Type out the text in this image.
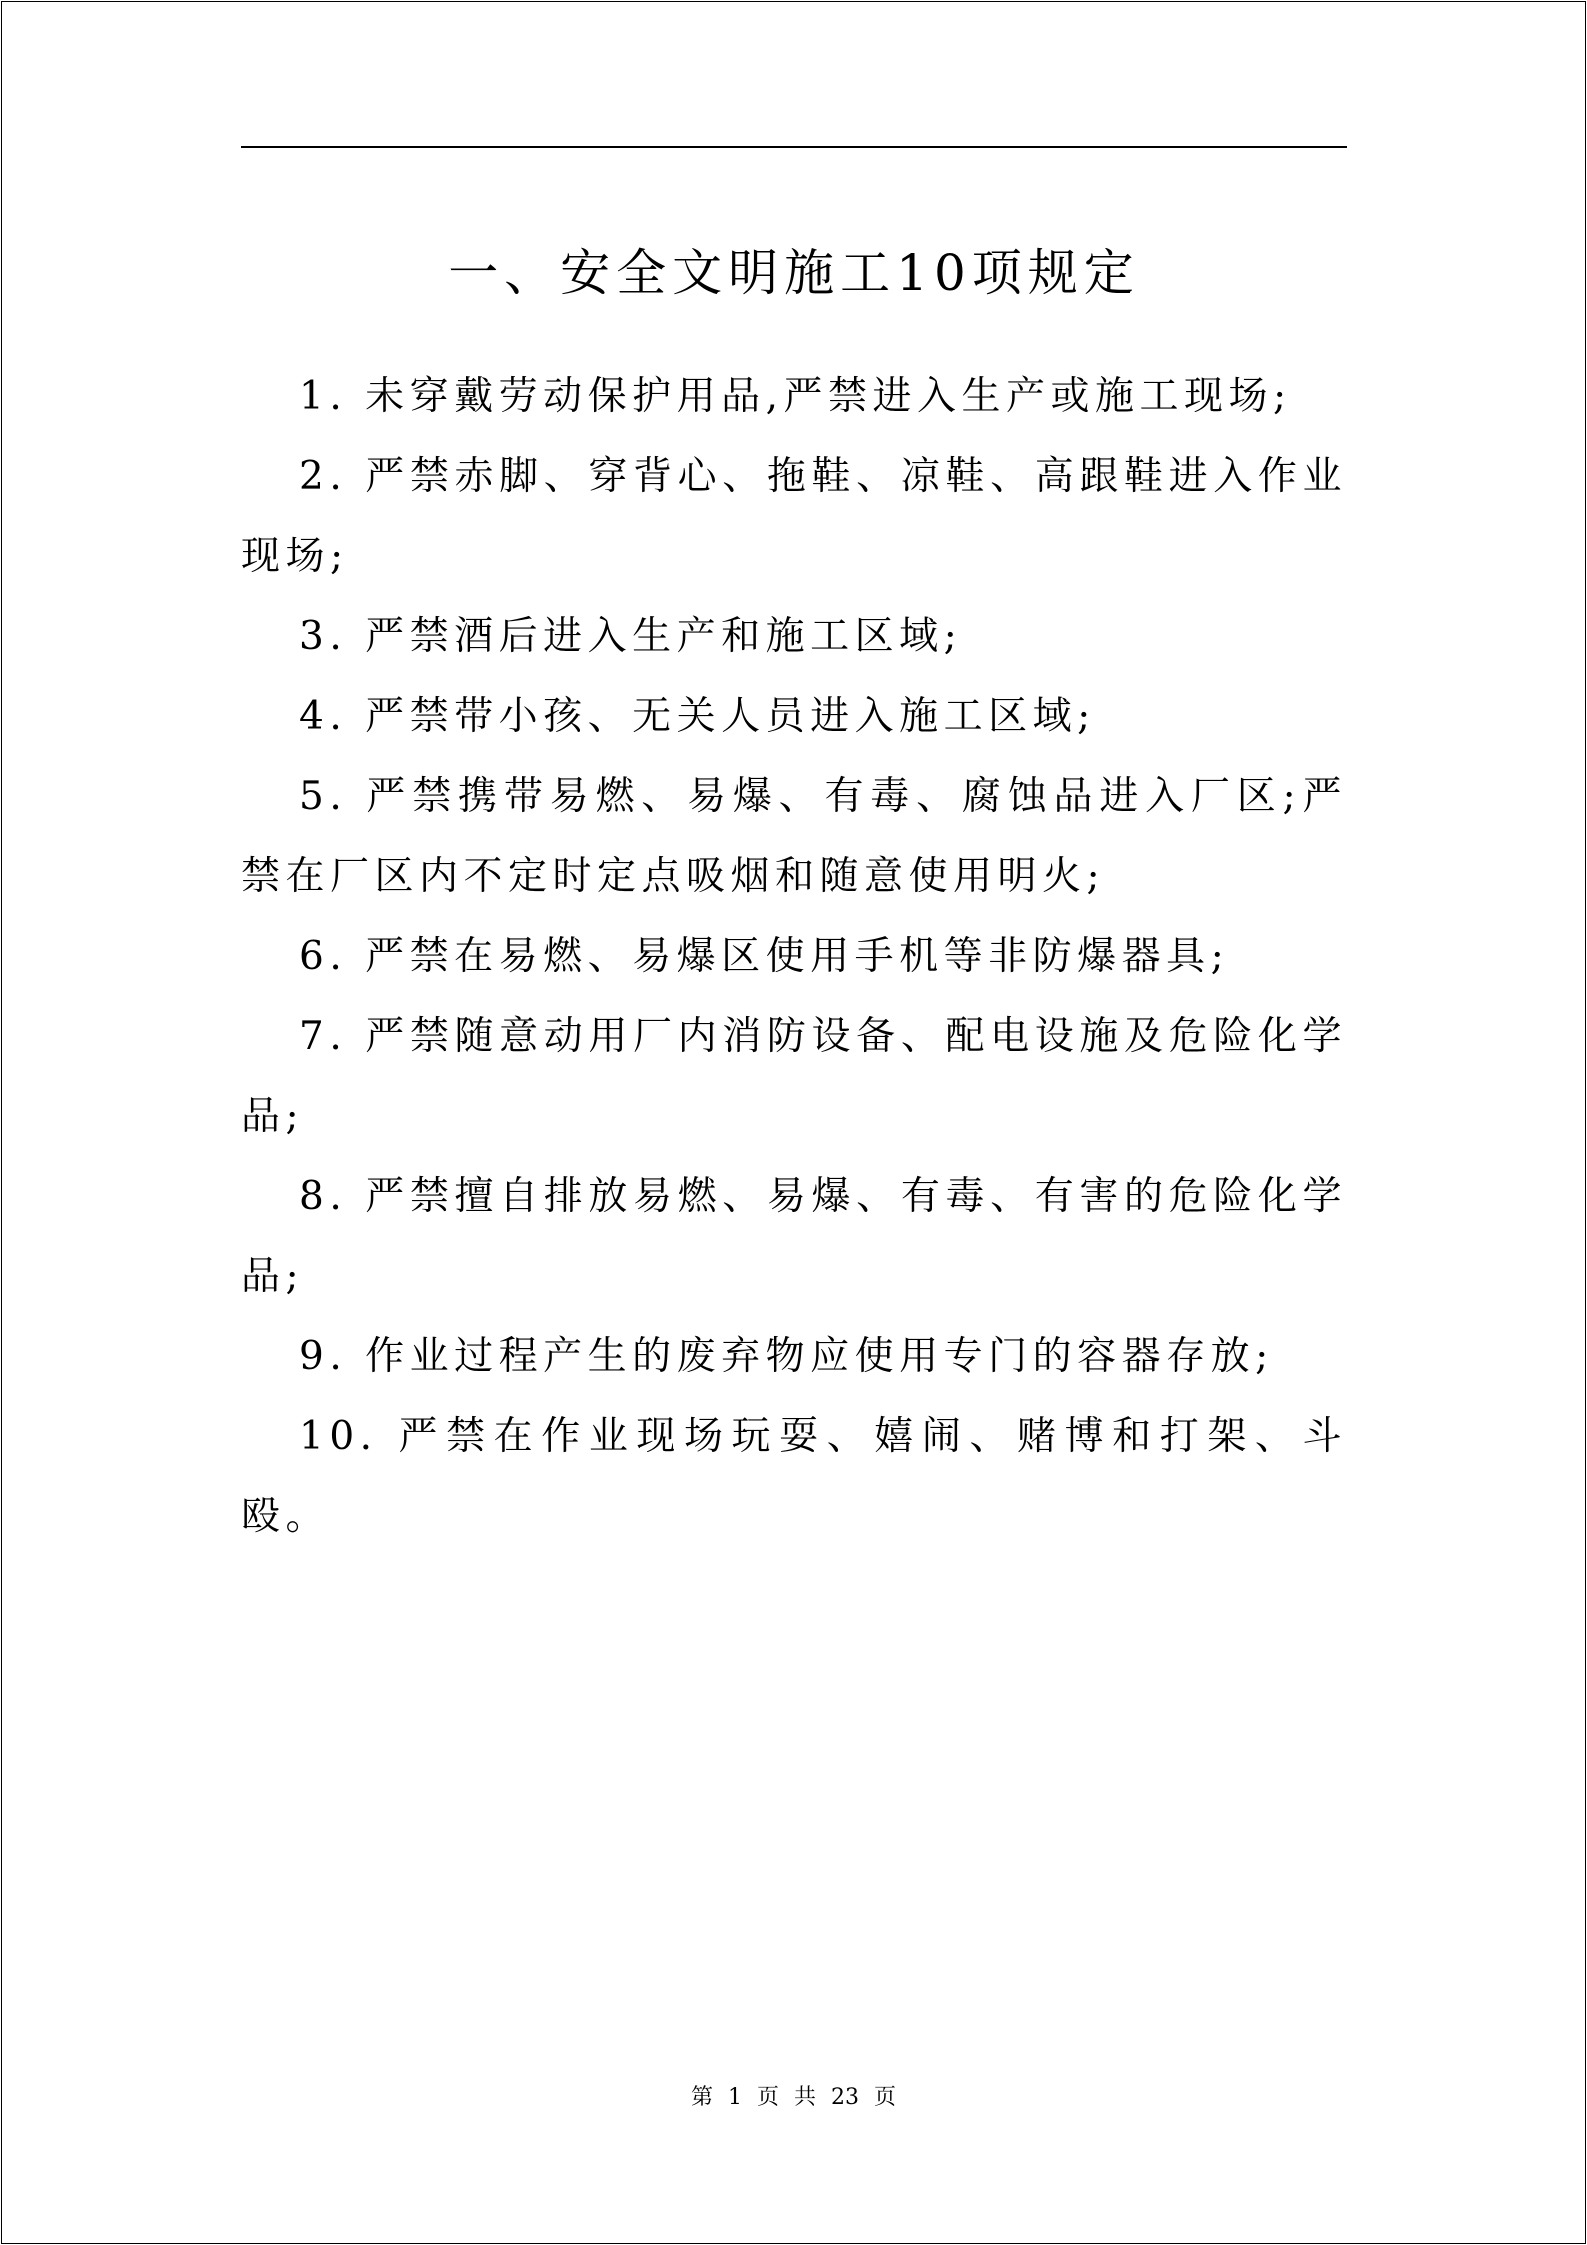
一、安全文明施工10项规定

1. 未穿戴劳动保护用品,严禁进入生产或施工现场;

2. 严禁赤脚、穿背心、拖鞋、凉鞋、高跟鞋进入作业现场;

3. 严禁酒后进入生产和施工区域;

4. 严禁带小孩、无关人员进入施工区域;

5. 严禁携带易燃、易爆、有毒、腐蚀品进入厂区;严禁在厂区内不定时定点吸烟和随意使用明火;

6. 严禁在易燃、易爆区使用手机等非防爆器具;

7. 严禁随意动用厂内消防设备、配电设施及危险化学品;

8. 严禁擅自排放易燃、易爆、有毒、有害的危险化学品;

9. 作业过程产生的废弃物应使用专门的容器存放;

10. 严禁在作业现场玩耍、嬉闹、赌博和打架、斗殴。

第 1 页 共 23 页
